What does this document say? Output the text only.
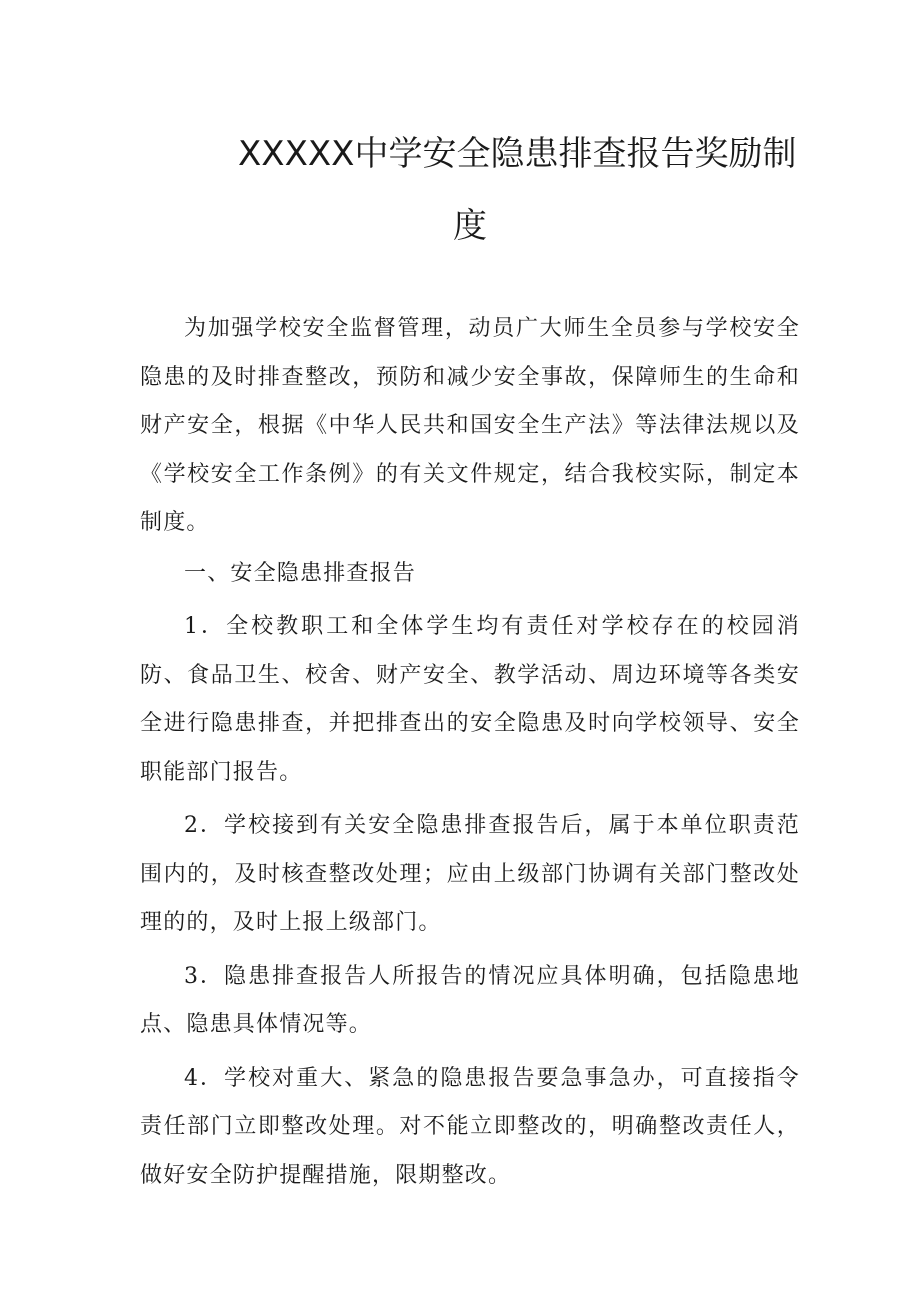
XXXXX中学安全隐患排查报告奖励制
度

为加强学校安全监督管理，动员广大师生全员参与学校安全隐患的及时排查整改，预防和减少安全事故，保障师生的生命和财产安全，根据《中华人民共和国安全生产法》等法律法规以及《学校安全工作条例》的有关文件规定，结合我校实际，制定本制度。

一、安全隐患排查报告

1．全校教职工和全体学生均有责任对学校存在的校园消防、食品卫生、校舍、财产安全、教学活动、周边环境等各类安全进行隐患排查，并把排查出的安全隐患及时向学校领导、安全职能部门报告。

2．学校接到有关安全隐患排查报告后，属于本单位职责范围内的，及时核查整改处理；应由上级部门协调有关部门整改处理的的，及时上报上级部门。

3．隐患排查报告人所报告的情况应具体明确，包括隐患地点、隐患具体情况等。

4．学校对重大、紧急的隐患报告要急事急办，可直接指令责任部门立即整改处理。对不能立即整改的，明确整改责任人，做好安全防护提醒措施，限期整改。
